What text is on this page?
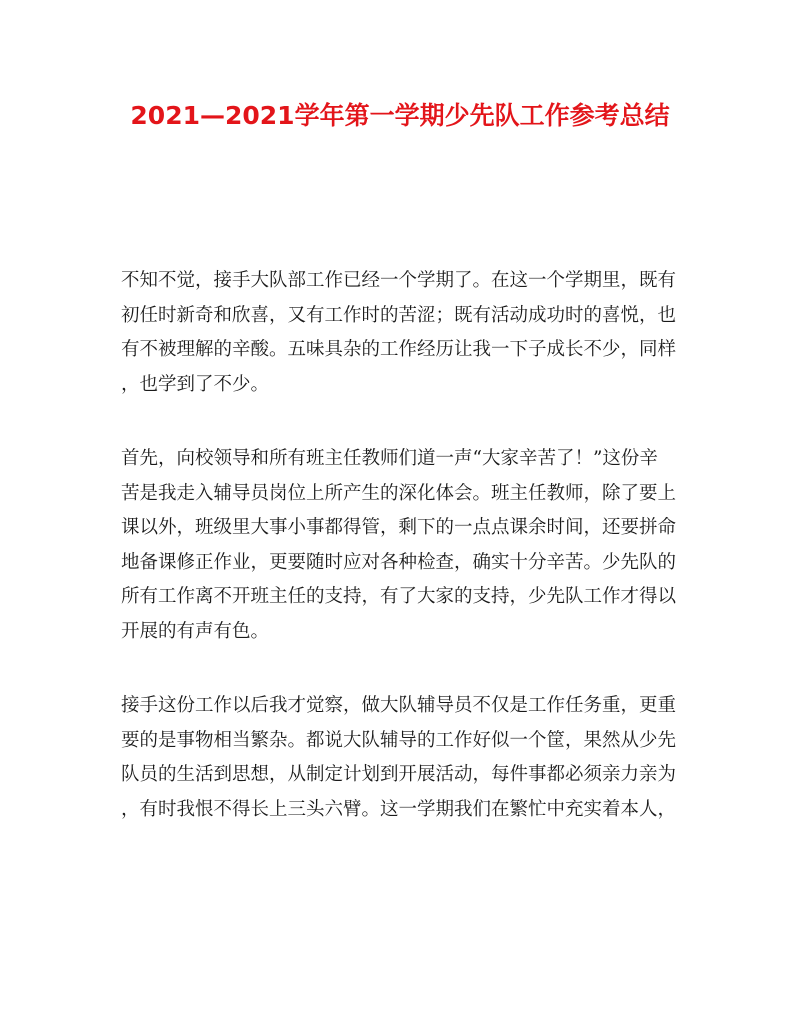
2021—2021学年第一学期少先队工作参考总结

不知不觉，接手大队部工作已经一个学期了。在这一个学期里，既有
初任时新奇和欣喜，又有工作时的苦涩；既有活动成功时的喜悦，也
有不被理解的辛酸。五味具杂的工作经历让我一下子成长不少，同样
，也学到了不少。

首先，向校领导和所有班主任教师们道一声“大家辛苦了！”这份辛
苦是我走入辅导员岗位上所产生的深化体会。班主任教师，除了要上
课以外，班级里大事小事都得管，剩下的一点点课余时间，还要拼命
地备课修正作业，更要随时应对各种检查，确实十分辛苦。少先队的
所有工作离不开班主任的支持，有了大家的支持，少先队工作才得以
开展的有声有色。

接手这份工作以后我才觉察，做大队辅导员不仅是工作任务重，更重
要的是事物相当繁杂。都说大队辅导的工作好似一个筐，果然从少先
队员的生活到思想，从制定计划到开展活动，每件事都必须亲力亲为
，有时我恨不得长上三头六臂。这一学期我们在繁忙中充实着本人，
